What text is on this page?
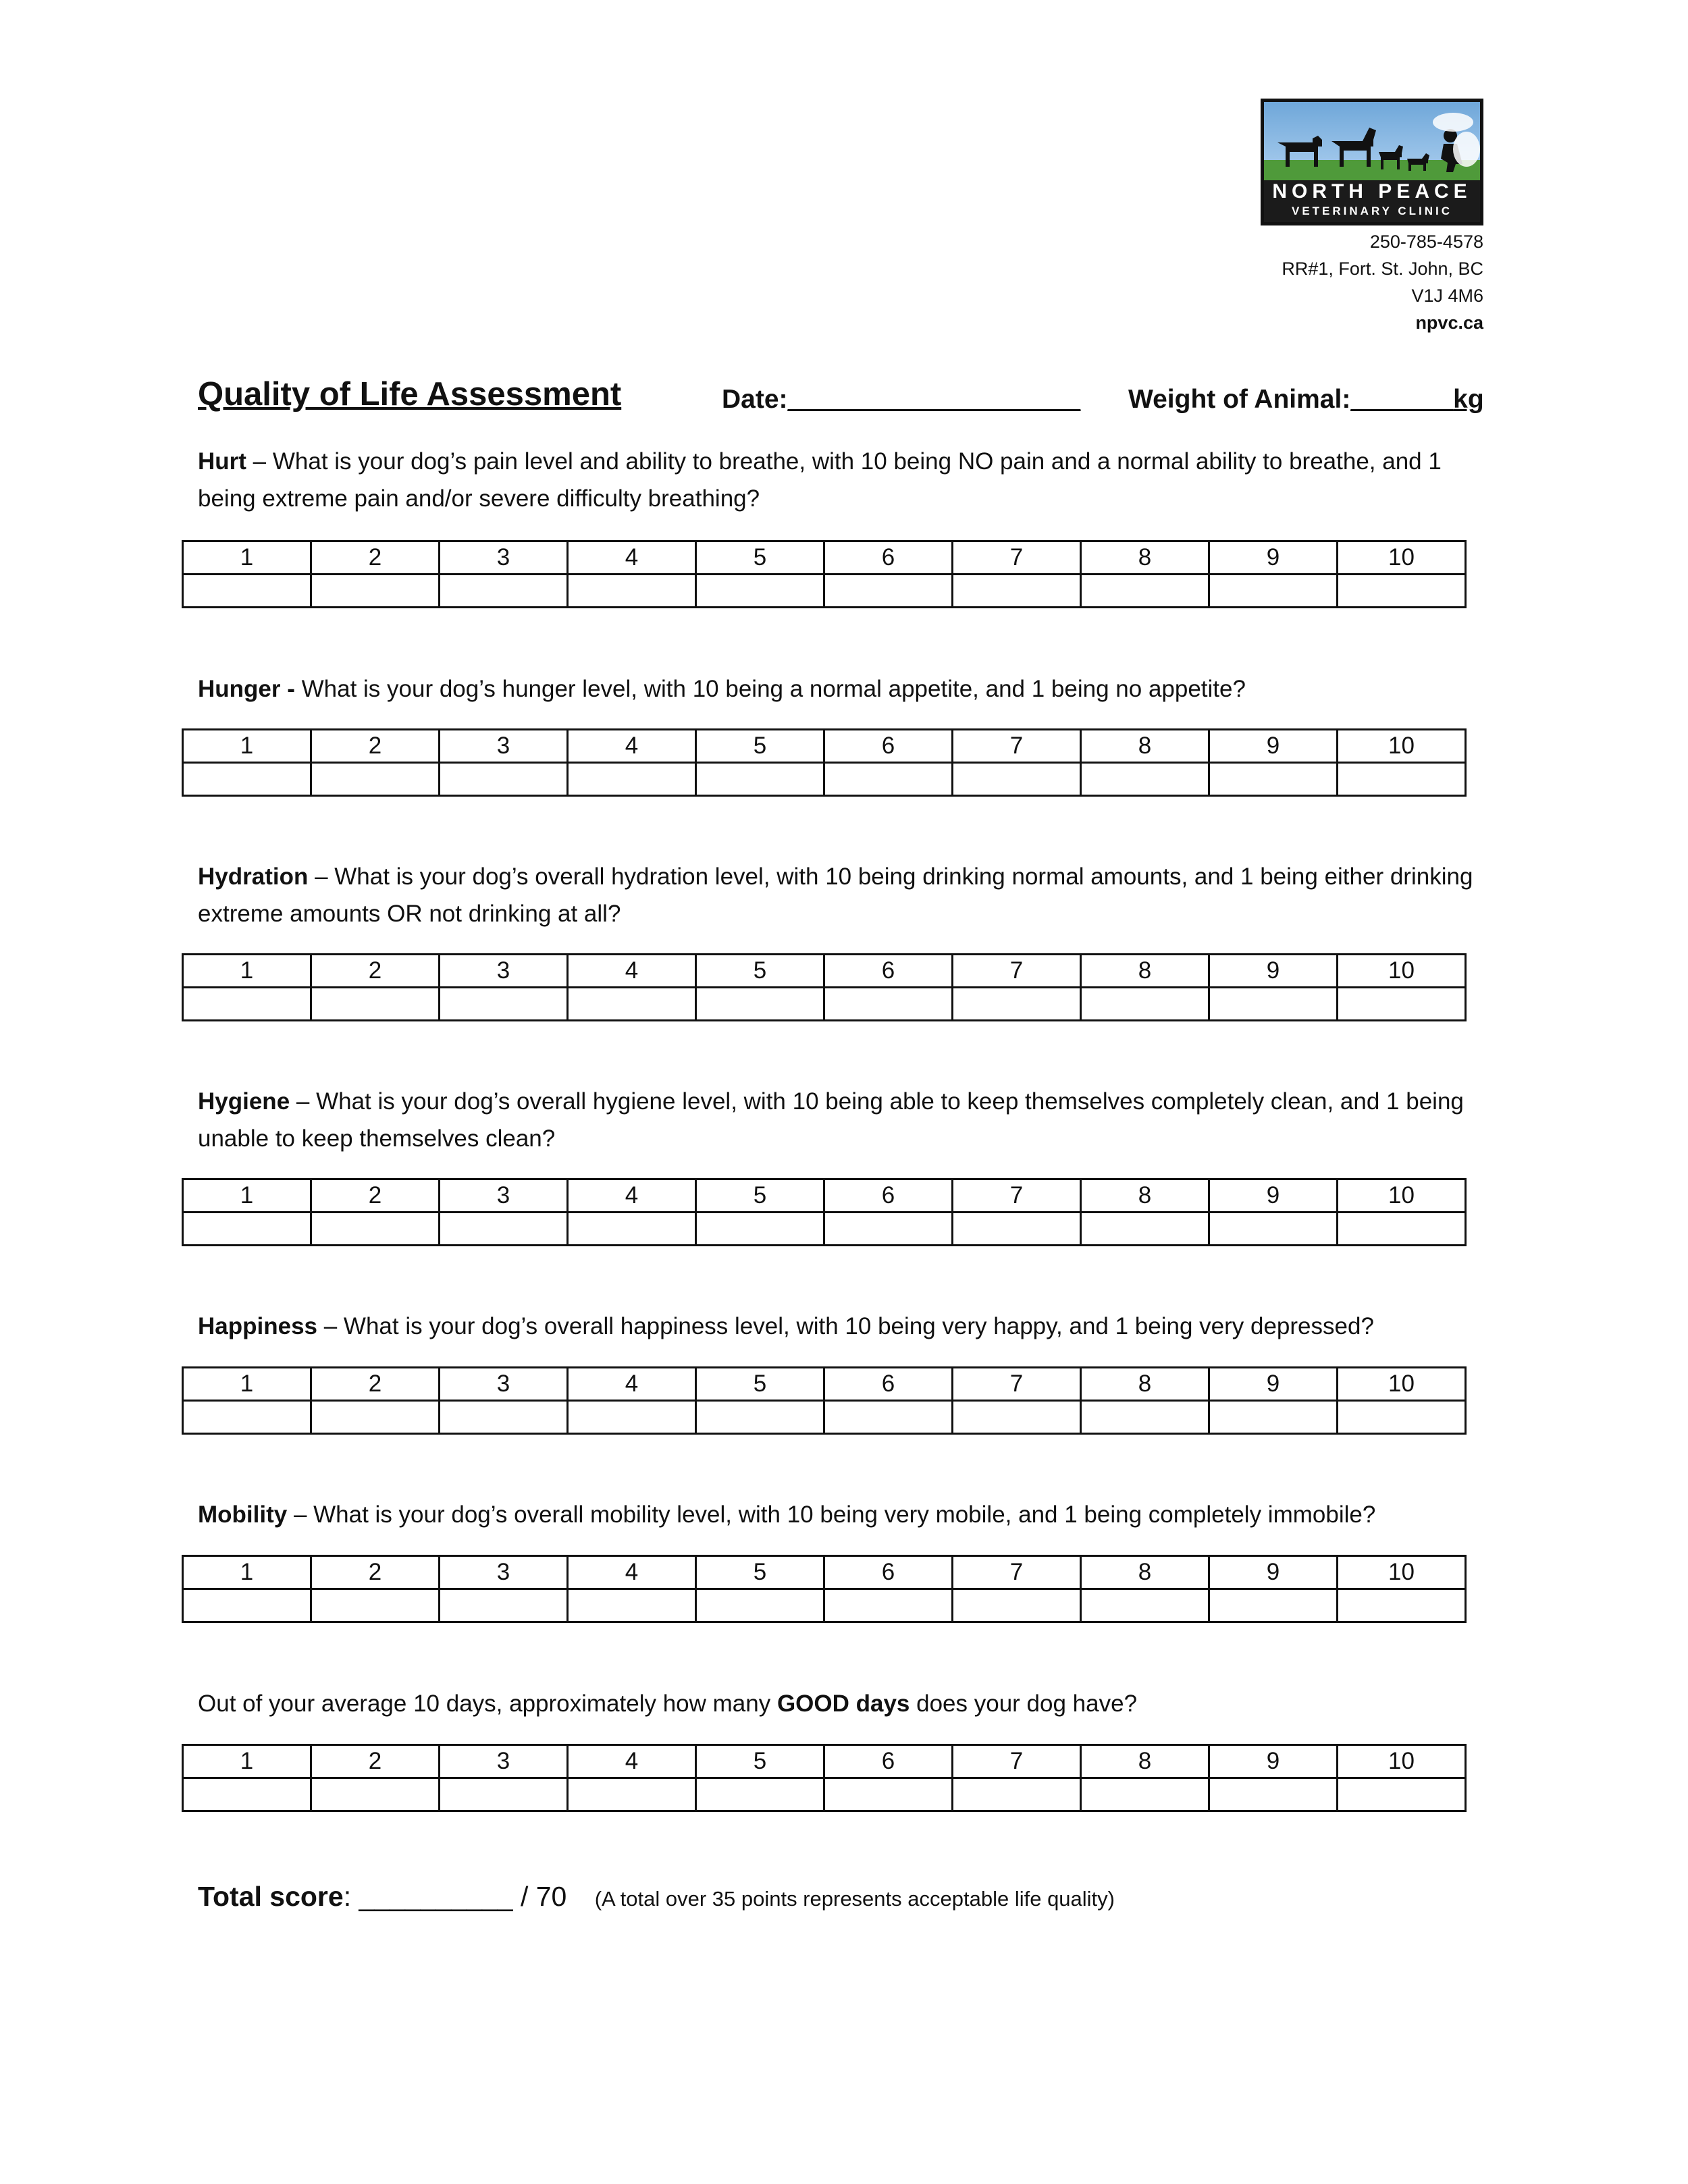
NORTH PEACE
VETERINARY CLINIC
250-785-4578
RR#1, Fort. St. John, BC
V1J 4M6
npvc.ca
Quality of Life Assessment	Date:____________________ Weight of Animal:_______kg
Hurt – What is your dog’s pain level and ability to breathe, with 10 being NO pain and a normal ability to breathe, and 1 being extreme pain and/or severe difficulty breathing?
1	2	3	4	5	6	7	8	9	10

Hunger - What is your dog’s hunger level, with 10 being a normal appetite, and 1 being no appetite?
1	2	3	4	5	6	7	8	9	10

Hydration – What is your dog’s overall hydration level, with 10 being drinking normal amounts, and 1 being either drinking extreme amounts OR not drinking at all?
1	2	3	4	5	6	7	8	9	10

Hygiene – What is your dog’s overall hygiene level, with 10 being able to keep themselves completely clean, and 1 being unable to keep themselves clean?
1	2	3	4	5	6	7	8	9	10

Happiness – What is your dog’s overall happiness level, with 10 being very happy, and 1 being very depressed?
1	2	3	4	5	6	7	8	9	10

Mobility – What is your dog’s overall mobility level, with 10 being very mobile, and 1 being completely immobile?
1	2	3	4	5	6	7	8	9	10

Out of your average 10 days, approximately how many GOOD days does your dog have?
1	2	3	4	5	6	7	8	9	10

Total score: __________ / 70 (A total over 35 points represents acceptable life quality)
